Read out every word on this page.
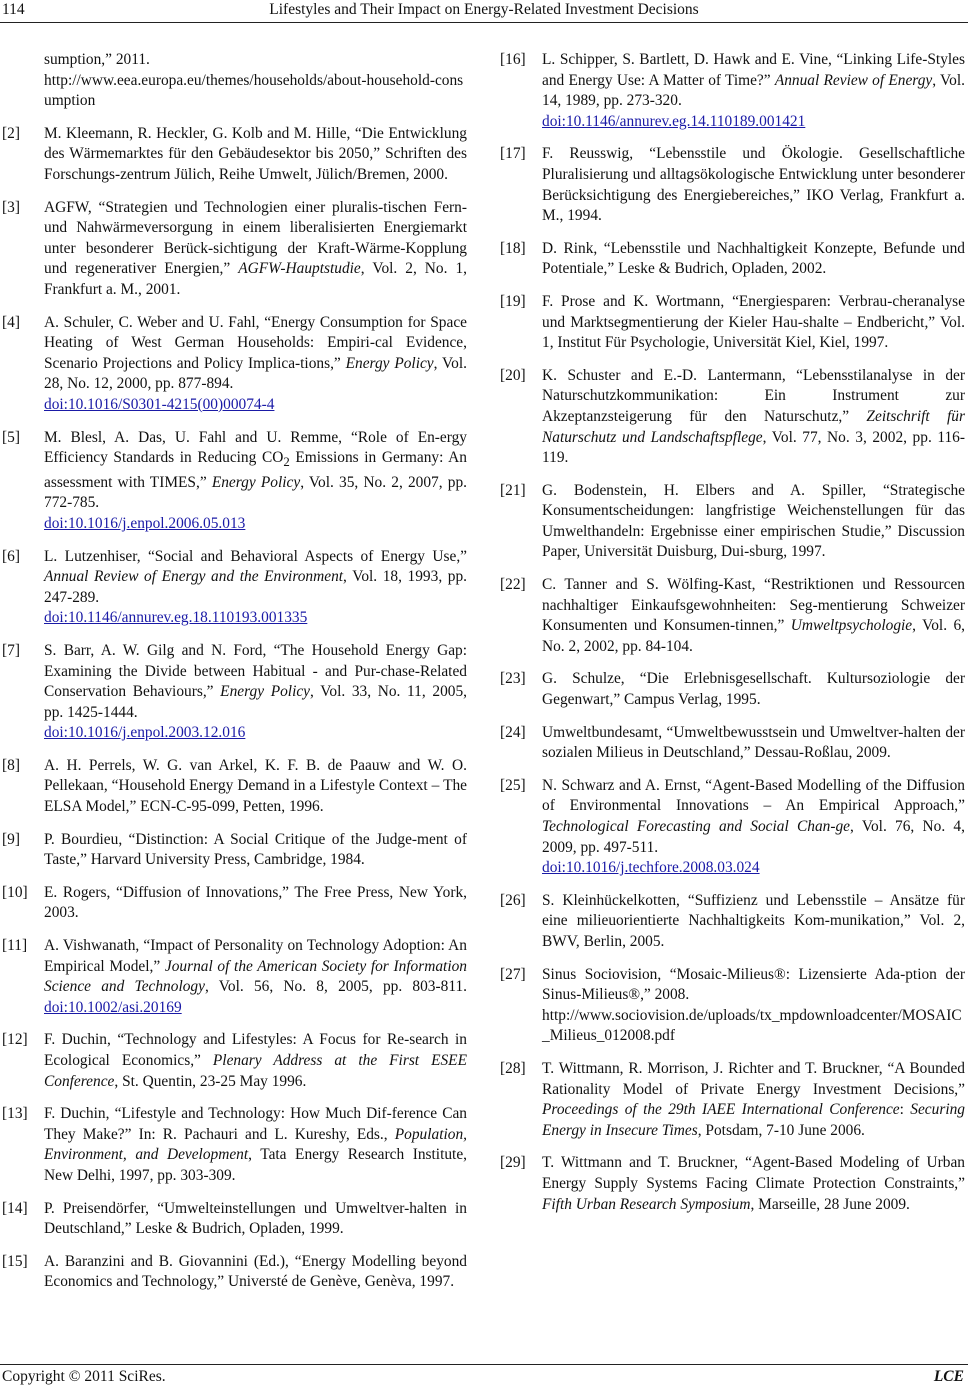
114	Lifestyles and Their Impact on Energy-Related Investment Decisions
sumption,” 2011.
http://www.eea.europa.eu/themes/households/about-household-consumption
[2] M. Kleemann, R. Heckler, G. Kolb and M. Hille, “Die Entwicklung des Wärmemarktes für den Gebäudesektor bis 2050,” Schriften des Forschungs-zentrum Jülich, Reihe Umwelt, Jülich/Bremen, 2000.
[3] AGFW, “Strategien und Technologien einer pluralis-tischen Fern- und Nahwärmeversorgung in einem liberalisierten Energiemarkt unter besonderer Berück-sichtigung der Kraft-Wärme-Kopplung und regenerativer Energien,” AGFW-Hauptstudie, Vol. 2, No. 1, Frankfurt a. M., 2001.
[4] A. Schuler, C. Weber and U. Fahl, “Energy Consumption for Space Heating of West German Households: Empiri-cal Evidence, Scenario Projections and Policy Implica-tions,” Energy Policy, Vol. 28, No. 12, 2000, pp. 877-894.
doi:10.1016/S0301-4215(00)00074-4
[5] M. Blesl, A. Das, U. Fahl and U. Remme, “Role of En-ergy Efficiency Standards in Reducing $CO_2$ Emissions in Germany: An assessment with TIMES,” Energy Policy, Vol. 35, No. 2, 2007, pp. 772-785.
doi:10.1016/j.enpol.2006.05.013
[6] L. Lutzenhiser, “Social and Behavioral Aspects of Energy Use,” Annual Review of Energy and the Environment, Vol. 18, 1993, pp. 247-289.
doi:10.1146/annurev.eg.18.110193.001335
[7] S. Barr, A. W. Gilg and N. Ford, “The Household Energy Gap: Examining the Divide between Habitual - and Pur-chase-Related Conservation Behaviours,” Energy Policy, Vol. 33, No. 11, 2005, pp. 1425-1444.
doi:10.1016/j.enpol.2003.12.016
[8] A. H. Perrels, W. G. van Arkel, K. F. B. de Paauw and W. O. Pellekaan, “Household Energy Demand in a Lifestyle Context – The ELSA Model,” ECN-C-95-099, Petten, 1996.
[9] P. Bourdieu, “Distinction: A Social Critique of the Judge-ment of Taste,” Harvard University Press, Cambridge, 1984.
[10] E. Rogers, “Diffusion of Innovations,” The Free Press, New York, 2003.
[11] A. Vishwanath, “Impact of Personality on Technology Adoption: An Empirical Model,” Journal of the American Society for Information Science and Technology, Vol. 56, No. 8, 2005, pp. 803-811. doi:10.1002/asi.20169
[12] F. Duchin, “Technology and Lifestyles: A Focus for Re-search in Ecological Economics,” Plenary Address at the First ESEE Conference, St. Quentin, 23-25 May 1996.
[13] F. Duchin, “Lifestyle and Technology: How Much Dif-ference Can They Make?” In: R. Pachauri and L. Kureshy, Eds., Population, Environment, and Development, Tata Energy Research Institute, New Delhi, 1997, pp. 303-309.
[14] P. Preisendörfer, “Umwelteinstellungen und Umweltver-halten in Deutschland,” Leske & Budrich, Opladen, 1999.
[15] A. Baranzini and B. Giovannini (Ed.), “Energy Modelling beyond Economics and Technology,” Universté de Genève, Genèva, 1997.
[16] L. Schipper, S. Bartlett, D. Hawk and E. Vine, “Linking Life-Styles and Energy Use: A Matter of Time?” Annual Review of Energy, Vol. 14, 1989, pp. 273-320.
doi:10.1146/annurev.eg.14.110189.001421
[17] F. Reusswig, “Lebensstile und Ökologie. Gesellschaftliche Pluralisierung und alltagsökologische Entwicklung unter besonderer Berücksichtigung des Energiebereiches,” IKO Verlag, Frankfurt a. M., 1994.
[18] D. Rink, “Lebensstile und Nachhaltigkeit Konzepte, Befunde und Potentiale,” Leske & Budrich, Opladen, 2002.
[19] F. Prose and K. Wortmann, “Energiesparen: Verbrau-cheranalyse und Marktsegmentierung der Kieler Hau-shalte – Endbericht,” Vol. 1, Institut Für Psychologie, Universität Kiel, Kiel, 1997.
[20] K. Schuster and E.-D. Lantermann, “Lebensstilanalyse in der Naturschutzkommunikation: Ein Instrument zur Akzeptanzsteigerung für den Naturschutz,” Zeitschrift für Naturschutz und Landschaftspflege, Vol. 77, No. 3, 2002, pp. 116-119.
[21] G. Bodenstein, H. Elbers and A. Spiller, “Strategische Konsumentscheidungen: langfristige Weichenstellungen für das Umwelthandeln: Ergebnisse einer empirischen Studie,” Discussion Paper, Universität Duisburg, Dui-sburg, 1997.
[22] C. Tanner and S. Wölfing-Kast, “Restriktionen und Ressourcen nachhaltiger Einkaufsgewohnheiten: Seg-mentierung Schweizer Konsumenten und Konsumen-tinnen,” Umweltpsychologie, Vol. 6, No. 2, 2002, pp. 84-104.
[23] G. Schulze, “Die Erlebnisgesellschaft. Kultursoziologie der Gegenwart,” Campus Verlag, 1995.
[24] Umweltbundesamt, “Umweltbewusstsein und Umweltver-halten der sozialen Milieus in Deutschland,” Dessau-Roßlau, 2009.
[25] N. Schwarz and A. Ernst, “Agent-Based Modelling of the Diffusion of Environmental Innovations – An Empirical Approach,” Technological Forecasting and Social Chan-ge, Vol. 76, No. 4, 2009, pp. 497-511.
doi:10.1016/j.techfore.2008.03.024
[26] S. Kleinhückelkotten, “Suffizienz und Lebensstile – Ansätze für eine milieuorientierte Nachhaltigkeits Kom-munikation,” Vol. 2, BWV, Berlin, 2005.
[27] Sinus Sociovision, “Mosaic-Milieus®: Lizensierte Ada-ption der Sinus-Milieus®,” 2008.
http://www.sociovision.de/uploads/tx_mpdownloadcenter/MOSAIC_Milieus_012008.pdf
[28] T. Wittmann, R. Morrison, J. Richter and T. Bruckner, “A Bounded Rationality Model of Private Energy Investment Decisions,” Proceedings of the 29th IAEE International Conference: Securing Energy in Insecure Times, Potsdam, 7-10 June 2006.
[29] T. Wittmann and T. Bruckner, “Agent-Based Modeling of Urban Energy Supply Systems Facing Climate Protection Constraints,” Fifth Urban Research Symposium, Marseille, 28 June 2009.
Copyright © 2011 SciRes.	LCE
